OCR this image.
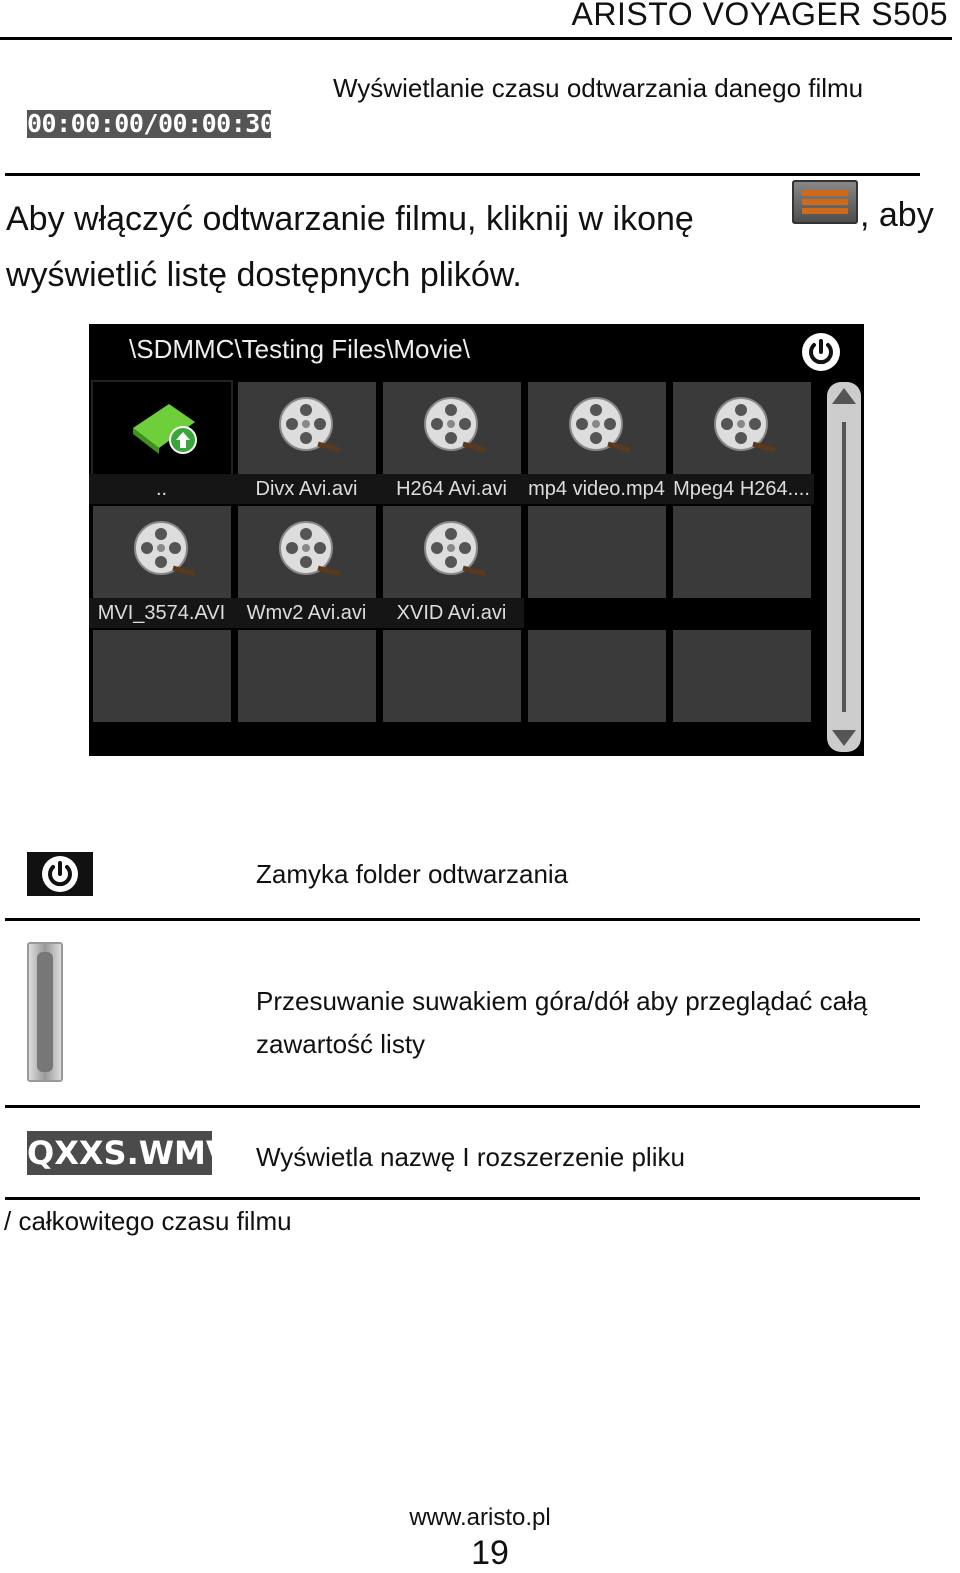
ARISTO VOYAGER S505
00:00:00/00:00:30
Wyświetlanie czasu odtwarzania danego filmu
Aby włączyć odtwarzanie filmu, kliknij w ikonę	, aby
wyświetlić listę dostępnych plików.
\SDMMC\Testing Files\Movie\
..	Divx Avi.avi	H264 Avi.avi	mp4 video.mp4 Mpeg4 H264....
MVI_3574.AVI	Wmv2 Avi.avi	XVID Avi.avi
Zamyka folder odtwarzania
Przesuwanie suwakiem góra/dół aby przeglądać całą
zawartość listy
QXXS.WMV Wyświetla nazwę I rozszerzenie pliku
/ całkowitego czasu filmu
www.aristo.pl
19
